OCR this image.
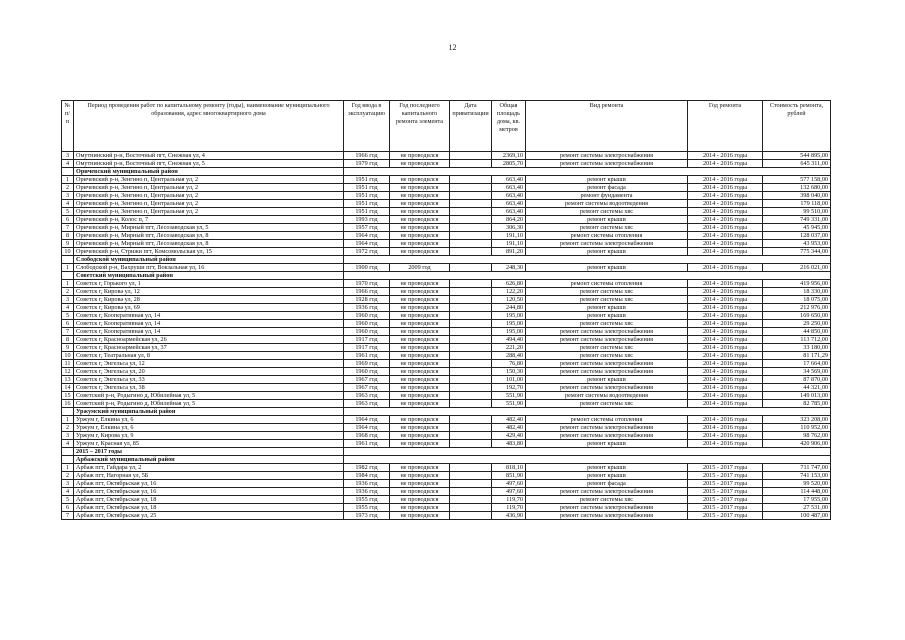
12
№ п/п	Период проведения работ по капитальному ремонту (годы), наименование муниципального образования, адрес многоквартирного дома	Год ввода в эксплуатацию	Год последнего капитального ремонта элемента	Дата приватизации	Общая площадь дома, кв. метров	Вид ремонта	Год ремонта	Стоимость ремонта, рублей
3	Омутнинский р-н, Восточный пгт, Снежная ул, 4	1966 год	не проводился		2369,10	ремонт системы электроснабжения	2014 - 2016 годы	544 895,00
4	Омутнинский р-н, Восточный пгт, Снежная ул, 5	1979 год	не проводился		2805,70	ремонт системы электроснабжения	2014 - 2016 годы	645 311,00
	Оричевский муниципальный район							
1	Оричевский р-н, Зенгино п, Центральная ул, 2	1951 год	не проводился		663,40	ремонт крыши	2014 - 2016 годы	577 158,00
2	Оричевский р-н, Зенгино п, Центральная ул, 2	1951 год	не проводился		663,40	ремонт фасада	2014 - 2016 годы	132 680,00
3	Оричевский р-н, Зенгино п, Центральная ул, 2	1951 год	не проводился		663,40	ремонт фундамента	2014 - 2016 годы	398 040,00
4	Оричевский р-н, Зенгино п, Центральная ул, 2	1951 год	не проводился		663,40	ремонт системы водоотведения	2014 - 2016 годы	179 118,00
5	Оричевский р-н, Зенгино п, Центральная ул, 2	1951 год	не проводился		663,40	ремонт системы хвс	2014 - 2016 годы	99 510,00
6	Оричевский р-н, Колос п, 7	1993 год	не проводился		864,20	ремонт крыши	2014 - 2016 годы	749 331,00
7	Оричевский р-н, Мирный пгт, Лесозаводская ул, 5	1957 год	не проводился		306,30	ремонт системы хвс	2014 - 2016 годы	45 945,00
8	Оричевский р-н, Мирный пгт, Лесозаводская ул, 8	1964 год	не проводился		191,10	ремонт системы отопления	2014 - 2016 годы	128 037,00
9	Оричевский р-н, Мирный пгт, Лесозаводская ул, 8	1964 год	не проводился		191,10	ремонт системы электроснабжения	2014 - 2016 годы	43 953,00
10	Оричевский р-н, Стрижи пгт, Комсомольская ул, 15	1972 год	не проводился		891,20	ремонт крыши	2014 - 2016 годы	775 344,00
	Слободской муниципальный район							
1	Слободской р-н, Вахруши пгт, Вокзальная ул, 16	1900 год	2009 год		248,30	ремонт крыши	2014 - 2016 годы	216 021,00
	Советский муниципальный район							
1	Советск г, Горького ул, 1	1970 год	не проводился		626,80	ремонт системы отопления	2014 - 2016 годы	419 956,00
2	Советск г, Кирова ул, 12	1966 год	не проводился		122,20	ремонт системы хвс	2014 - 2016 годы	18 330,00
3	Советск г, Кирова ул, 28	1928 год	не проводился		120,50	ремонт системы хвс	2014 - 2016 годы	18 075,00
4	Советск г, Кирова ул, 69	1936 год	не проводился		244,80	ремонт крыши	2014 - 2016 годы	212 976,00
5	Советск г, Кооперативная ул, 14	1960 год	не проводился		195,00	ремонт крыши	2014 - 2016 годы	169 650,00
6	Советск г, Кооперативная ул, 14	1960 год	не проводился		195,00	ремонт системы хвс	2014 - 2016 годы	29 250,00
7	Советск г, Кооперативная ул, 14	1960 год	не проводился		195,00	ремонт системы электроснабжения	2014 - 2016 годы	44 850,00
8	Советск г, Красноармейская ул, 26	1917 год	не проводился		494,40	ремонт системы электроснабжения	2014 - 2016 годы	113 712,00
9	Советск г, Красноармейская ул, 37	1917 год	не проводился		221,20	ремонт системы хвс	2014 - 2016 годы	33 180,00
10	Советск г, Театральная ул, 8	1961 год	не проводился		288,40	ремонт системы хвс	2014 - 2016 годы	81 171,29
11	Советск г, Энгельса ул, 12	1969 год	не проводился		76,80	ремонт системы электроснабжения	2014 - 2016 годы	17 664,00
12	Советск г, Энгельса ул, 20	1960 год	не проводился		150,30	ремонт системы электроснабжения	2014 - 2016 годы	34 569,00
13	Советск г, Энгельса ул, 33	1967 год	не проводился		101,00	ремонт крыши	2014 - 2016 годы	87 870,00
14	Советск г, Энгельса ул, 38	1967 год	не проводился		192,70	ремонт системы электроснабжения	2014 - 2016 годы	44 321,00
15	Советский р-н, Родыгино д, Юбилейная ул, 5	1963 год	не проводился		551,90	ремонт системы водоотведения	2014 - 2016 годы	149 013,00
16	Советский р-н, Родыгино д, Юбилейная ул, 5	1963 год	не проводился		551,90	ремонт системы хвс	2014 - 2016 годы	82 785,00
	Уржумский муниципальный район							
1	Уржум г, Елкина ул, 6	1964 год	не проводился		482,40	ремонт системы отопления	2014 - 2016 годы	323 208,00
2	Уржум г, Елкина ул, 6	1964 год	не проводился		482,40	ремонт системы электроснабжения	2014 - 2016 годы	110 952,00
3	Уржум г, Кирова ул, 9	1968 год	не проводился		429,40	ремонт системы электроснабжения	2014 - 2016 годы	98 762,00
4	Уржум г, Красная ул, 85	1961 год	не проводился		483,80	ремонт крыши	2014 - 2016 годы	420 906,00
	2015 – 2017 годы							
	Арбажский муниципальный район							
1	Арбаж пгт, Гайдара ул, 2	1982 год	не проводился		818,10	ремонт крыши	2015 - 2017 годы	711 747,00
2	Арбаж пгт, Нагорная ул, 5Б	1984 год	не проводился		851,90	ремонт крыши	2015 - 2017 годы	741 153,00
3	Арбаж пгт, Октябрьская ул, 16	1936 год	не проводился		497,60	ремонт фасада	2015 - 2017 годы	99 520,00
4	Арбаж пгт, Октябрьская ул, 16	1936 год	не проводился		497,60	ремонт системы электроснабжения	2015 - 2017 годы	114 448,00
5	Арбаж пгт, Октябрьская ул, 18	1955 год	не проводился		119,70	ремонт системы хвс	2015 - 2017 годы	17 955,00
6	Арбаж пгт, Октябрьская ул, 18	1955 год	не проводился		119,70	ремонт системы электроснабжения	2015 - 2017 годы	27 531,00
7	Арбаж пгт, Октябрьская ул, 25	1973 год	не проводился		436,90	ремонт системы электроснабжения	2015 - 2017 годы	100 487,00
